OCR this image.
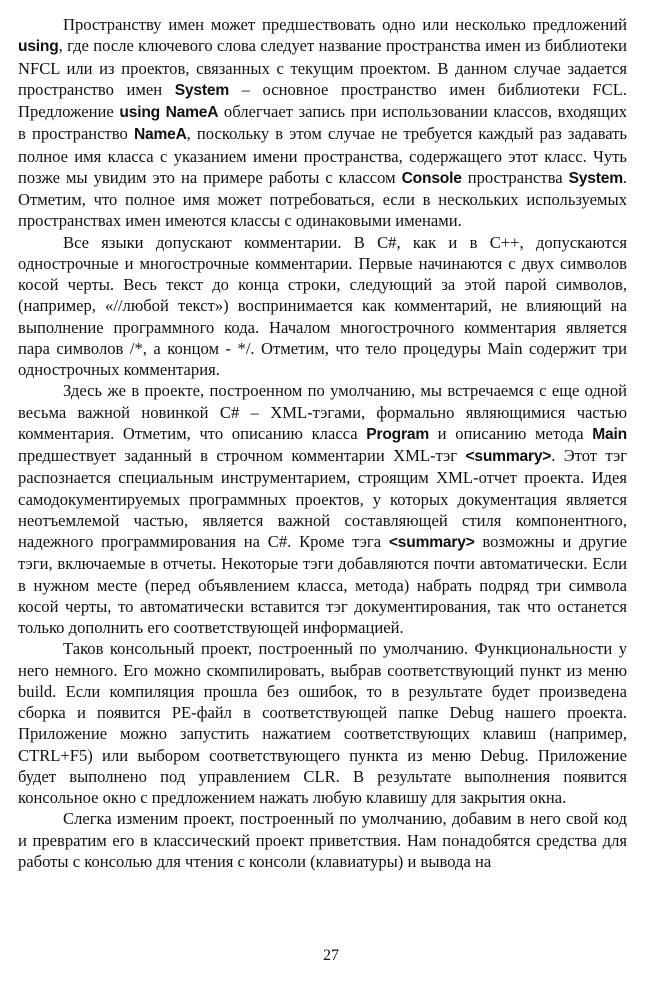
Пространству имен может предшествовать одно или несколько предложений using, где после ключевого слова следует название пространства имен из библиотеки NFCL или из проектов, связанных с текущим проектом. В данном случае задается пространство имен System – основное пространство имен библиотеки FCL. Предложение using NameA облегчает запись при использовании классов, входящих в пространство NameA, поскольку в этом случае не требуется каждый раз задавать полное имя класса с указанием имени пространства, содержащего этот класс. Чуть позже мы увидим это на примере работы с классом Console пространства System. Отметим, что полное имя может потребоваться, если в нескольких используемых пространствах имен имеются классы с одинаковыми именами.

Все языки допускают комментарии. В C#, как и в C++, допускаются однострочные и многострочные комментарии. Первые начинаются с двух символов косой черты. Весь текст до конца строки, следующий за этой парой символов, (например, «//любой текст») воспринимается как комментарий, не влияющий на выполнение программного кода. Началом многострочного комментария является пара символов /*, а концом - */. Отметим, что тело процедуры Main содержит три однострочных комментария.

Здесь же в проекте, построенном по умолчанию, мы встречаемся с еще одной весьма важной новинкой C# – XML-тэгами, формально являющимися частью комментария. Отметим, что описанию класса Program и описанию метода Main предшествует заданный в строчном комментарии XML-тэг <summary>. Этот тэг распознается специальным инструментарием, строящим XML-отчет проекта. Идея самодокументируемых программных проектов, у которых документация является неотъемлемой частью, является важной составляющей стиля компонентного, надежного программирования на C#. Кроме тэга <summary> возможны и другие тэги, включаемые в отчеты. Некоторые тэги добавляются почти автоматически. Если в нужном месте (перед объявлением класса, метода) набрать подряд три символа косой черты, то автоматически вставится тэг документирования, так что останется только дополнить его соответствующей информацией.

Таков консольный проект, построенный по умолчанию. Функциональности у него немного. Его можно скомпилировать, выбрав соответствующий пункт из меню build. Если компиляция прошла без ошибок, то в результате будет произведена сборка и появится PE-файл в соответствующей папке Debug нашего проекта. Приложение можно запустить нажатием соответствующих клавиш (например, CTRL+F5) или выбором соответствующего пункта из меню Debug. Приложение будет выполнено под управлением CLR. В результате выполнения появится консольное окно с предложением нажать любую клавишу для закрытия окна.

Слегка изменим проект, построенный по умолчанию, добавим в него свой код и превратим его в классический проект приветствия. Нам понадобятся средства для работы с консолью для чтения с консоли (клавиатуры) и вывода на

27
